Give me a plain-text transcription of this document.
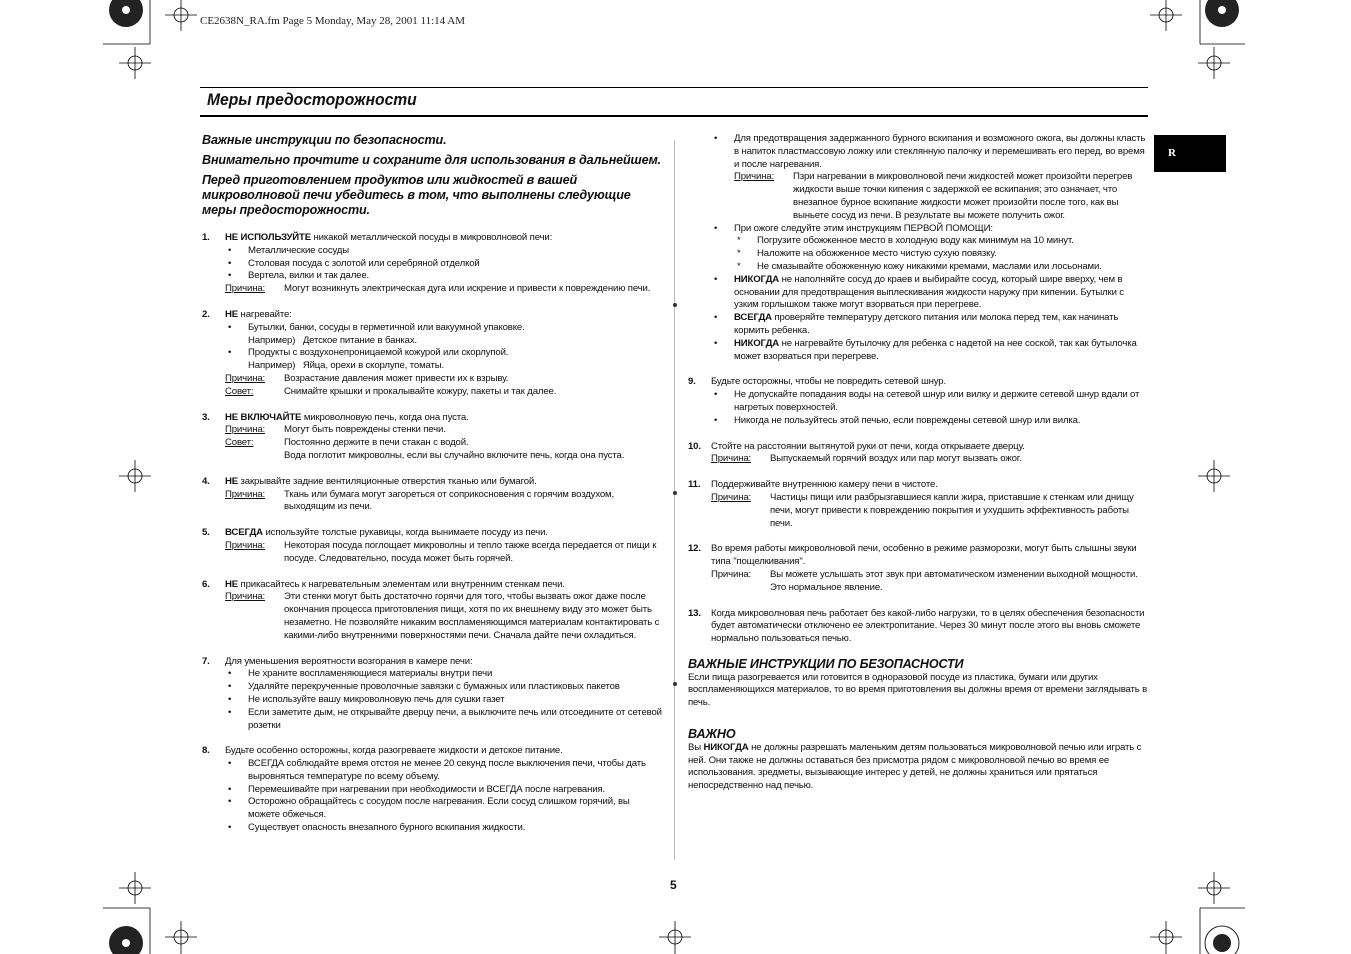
CE2638N_RA.fm Page 5 Monday, May 28, 2001 11:14 AM
Меры предосторожности
R
Важные инструкции по безопасности.
Внимательно прочтите и сохраните для использования в дальнейшем.
Перед приготовлением продуктов или жидкостей в вашей микроволновой печи убедитесь в том, что выполнены следующие меры предосторожности.
1. НЕ ИСПОЛЬЗУЙТЕ никакой металлической посуды в микроволновой печи:
• Металлические сосуды
• Столовая посуда с золотой или серебряной отделкой
• Вертела, вилки и так далее.
Причина:	Могут возникнуть электрическая дуга или искрение и привести к повреждению печи.
2. НЕ нагревайте:
• Бутылки, банки, сосуды в герметичной или вакуумной упаковке.
Например) Детское питание в банках.
• Продукты с воздухонепроницаемой кожурой или скорлупой.
Например) Яйца, орехи в скорлупе, томаты.
Причина:	Возрастание давления может привести их к взрыву.
Совет:	Снимайте крышки и прокалывайте кожуру, пакеты и так далее.
3. НЕ ВКЛЮЧАЙТЕ микроволновую печь, когда она пуста.
Причина:	Могут быть повреждены стенки печи.
Совет:	Постоянно держите в печи стакан с водой.
Вода поглотит микроволны, если вы случайно включите печь, когда она пуста.
4. НЕ закрывайте задние вентиляционные отверстия тканью или бумагой.
Причина:	Ткань или бумага могут загореться от соприкосновения с горячим воздухом, выходящим из печи.
5. ВСЕГДА используйте толстые рукавицы, когда вынимаете посуду из печи.
Причина:	Некоторая посуда поглощает микроволны и тепло также всегда передается от пищи к посуде. Следовательно, посуда может быть горячей.
6. НЕ прикасайтесь к нагревательным элементам или внутренним стенкам печи.
Причина:	Эти стенки могут быть достаточно горячи для того, чтобы вызвать ожог даже после окончания процесса приготовления пищи, хотя по их внешнему виду это может быть незаметно. Не позволяйте никаким воспламеняющимся материалам контактировать с какими-либо внутренними поверхностями печи. Сначала дайте печи охладиться.
7. Для уменьшения вероятности возгорания в камере печи:
• Не храните воспламеняющиеся материалы внутри печи
• Удаляйте перекрученные проволочные завязки с бумажных или пластиковых пакетов
• Не используйте вашу микроволновую печь для сушки газет
• Если заметите дым, не открывайте дверцу печи, а выключите печь или отсоедините от сетевой розетки
8. Будьте особенно осторожны, когда разогреваете жидкости и детское питание.
• ВСЕГДА соблюдайте время отстоя не менее 20 секунд после выключения печи, чтобы дать выровняться температуре по всему объему.
• Перемешивайте при нагревании при необходимости и ВСЕГДА после нагревания.
• Осторожно обращайтесь с сосудом после нагревания. Если сосуд слишком горячий, вы можете обжечься.
• Существует опасность внезапного бурного вскипания жидкости.
• Для предотвращения задержанного бурного вскипания и возможного ожога, вы должны класть в напиток пластмассовую ложку или стеклянную палочку и перемешивать его перед, во время и после нагревания.
Причина:	Пзри нагревании в микроволновой печи жидкостей может произойти перегрев жидкости выше точки кипения с задержкой ее вскипания; это означает, что внезапное бурное вскипание жидкости может произойти после того, как вы выньете сосуд из печи. В результате вы можете получить ожог.
• При ожоге следуйте этим инструкциям ПЕРВОЙ ПОМОЩИ:
* Погрузите обожженное место в холодную воду как минимум на 10 минут.
* Наложите на обожженное место чистую сухую повязку.
* Не смазывайте обожженную кожу никакими кремами, маслами или лосьонами.
• НИКОГДА не наполняйте сосуд до краев и выбирайте сосуд, который шире вверху, чем в основании для предотвращения выплескивания жидкости наружу при кипении. Бутылки с узким горлышком также могут взорваться при перегреве.
• ВСЕГДА проверяйте температуру детского питания или молока перед тем, как начинать кормить ребенка.
• НИКОГДА не нагревайте бутылочку для ребенка с надетой на нее соской, так как бутылочка может взорваться при перегреве.
9. Будьте осторожны, чтобы не повредить сетевой шнур.
• Не допускайте попадания воды на сетевой шнур или вилку и держите сетевой шнур вдали от нагретых поверхностей.
• Никогда не пользуйтесь этой печью, если повреждены сетевой шнур или вилка.
10. Стойте на расстоянии вытянутой руки от печи, когда открываете дверцу.
Причина:	Выпускаемый горячий воздух или пар могут вызвать ожог.
11. Поддерживайте внутреннюю камеру печи в чистоте.
Причина:	Частицы пищи или разбрызгавшиеся капли жира, приставшие к стенкам или днищу печи, могут привести к повреждению покрытия и ухудшить эффективность работы печи.
12. Во время работы микроволновой печи, особенно в режиме разморозки, могут быть слышны звуки типа "пощелкивания".
Причина:	Вы можете услышать этот звук при автоматическом изменении выходной мощности. Это нормальное явление.
13. Когда микроволновая печь работает без какой-либо нагрузки, то в целях обеспечения безопасности будет автоматически отключено ее электропитание. Через 30 минут после этого вы вновь сможете нормально пользоваться печью.
ВАЖНЫЕ ИНСТРУКЦИИ ПО БЕЗОПАСНОСТИ
Если пища разогревается или готовится в одноразовой посуде из пластика, бумаги или других воспламеняющихся материалов, то во время приготовления вы должны время от времени заглядывать в печь.
ВАЖНО
Вы НИКОГДА не должны разрешать маленьким детям пользоваться микроволновой печью или играть с ней. Они также не должны оставаться без присмотра рядом с микроволновой печью во время ее использования. зредметы, вызывающие интерес у детей, не должны храниться или прятаться непосредственно над печью.
5
